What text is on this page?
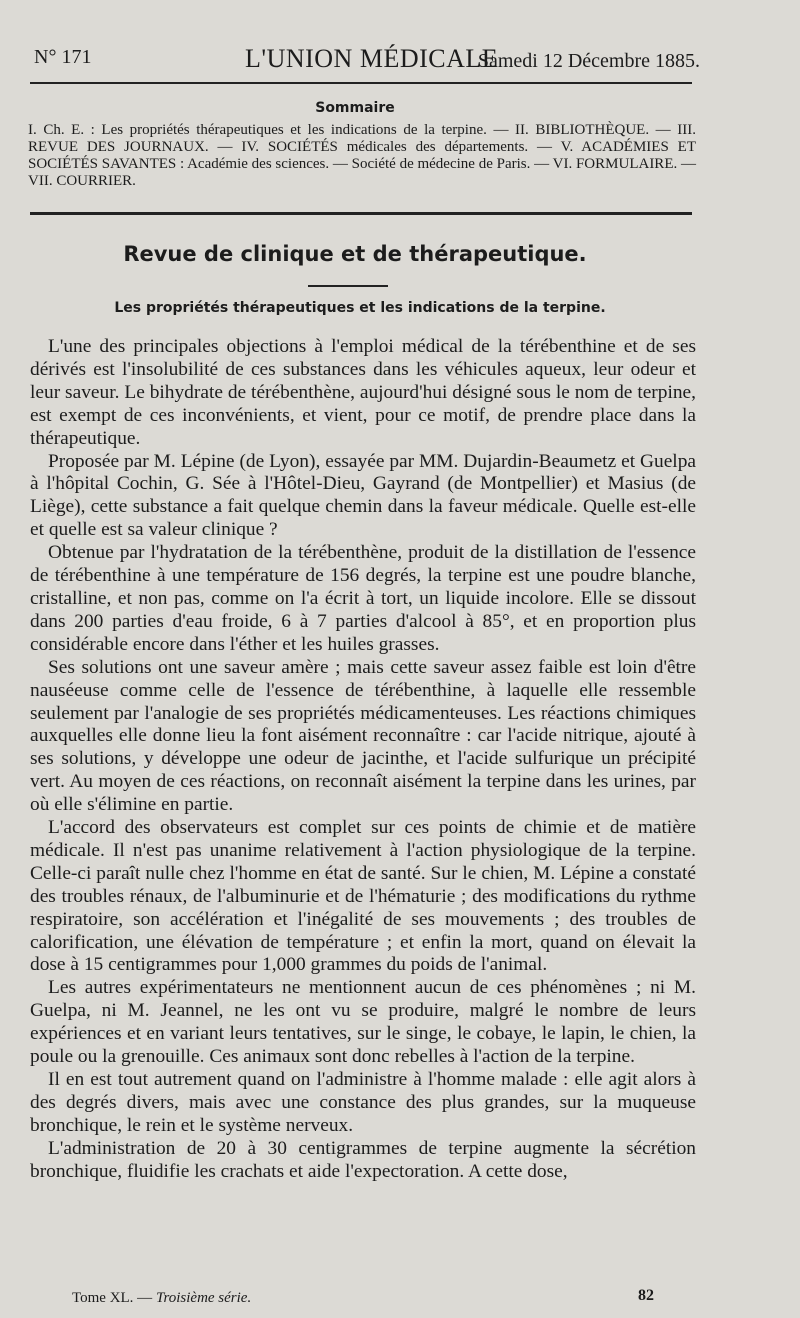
N° 171	L'UNION MÉDICALE
Samedi 12 Décembre 1885.
Sommaire
I. Ch. E. : Les propriétés thérapeutiques et les indications de la terpine. — II. BIBLIOTHÈQUE. — III. REVUE DES JOURNAUX. — IV. SOCIÉTÉS médicales des départements. — V. ACADÉMIES ET SOCIÉTÉS SAVANTES : Académie des sciences. — Société de médecine de Paris. — VI. FORMULAIRE. — VII. COURRIER.
Revue de clinique et de thérapeutique.
Les propriétés thérapeutiques et les indications de la terpine.

L'une des principales objections à l'emploi médical de la térébenthine et de ses dérivés est l'insolubilité de ces substances dans les véhicules aqueux, leur odeur et leur saveur. Le bihydrate de térébenthène, aujourd'hui désigné sous le nom de terpine, est exempt de ces inconvénients, et vient, pour ce motif, de prendre place dans la thérapeutique.

Proposée par M. Lépine (de Lyon), essayée par MM. Dujardin-Beaumetz et Guelpa à l'hôpital Cochin, G. Sée à l'Hôtel-Dieu, Gayrand (de Montpellier) et Masius (de Liège), cette substance a fait quelque chemin dans la faveur médicale. Quelle est-elle et quelle est sa valeur clinique ?

Obtenue par l'hydratation de la térébenthène, produit de la distillation de l'essence de térébenthine à une température de 156 degrés, la terpine est une poudre blanche, cristalline, et non pas, comme on l'a écrit à tort, un liquide incolore. Elle se dissout dans 200 parties d'eau froide, 6 à 7 parties d'alcool à 85°, et en proportion plus considérable encore dans l'éther et les huiles grasses.

Ses solutions ont une saveur amère ; mais cette saveur assez faible est loin d'être nauséeuse comme celle de l'essence de térébenthine, à laquelle elle ressemble seulement par l'analogie de ses propriétés médicamenteuses. Les réactions chimiques auxquelles elle donne lieu la font aisément reconnaître : car l'acide nitrique, ajouté à ses solutions, y développe une odeur de jacinthe, et l'acide sulfurique un précipité vert. Au moyen de ces réactions, on reconnaît aisément la terpine dans les urines, par où elle s'élimine en partie.

L'accord des observateurs est complet sur ces points de chimie et de matière médicale. Il n'est pas unanime relativement à l'action physiologique de la terpine. Celle-ci paraît nulle chez l'homme en état de santé. Sur le chien, M. Lépine a constaté des troubles rénaux, de l'albuminurie et de l'hématurie ; des modifications du rythme respiratoire, son accélération et l'inégalité de ses mouvements ; des troubles de calorification, une élévation de température ; et enfin la mort, quand on élevait la dose à 15 centigrammes pour 1,000 grammes du poids de l'animal.

Les autres expérimentateurs ne mentionnent aucun de ces phénomènes ; ni M. Guelpa, ni M. Jeannel, ne les ont vu se produire, malgré le nombre de leurs expériences et en variant leurs tentatives, sur le singe, le cobaye, le lapin, le chien, la poule ou la grenouille. Ces animaux sont donc rebelles à l'action de la terpine.

Il en est tout autrement quand on l'administre à l'homme malade : elle agit alors à des degrés divers, mais avec une constance des plus grandes, sur la muqueuse bronchique, le rein et le système nerveux.

L'administration de 20 à 30 centigrammes de terpine augmente la sécrétion bronchique, fluidifie les crachats et aide l'expectoration. A cette dose,

Tome XL. — Troisième série.	82
